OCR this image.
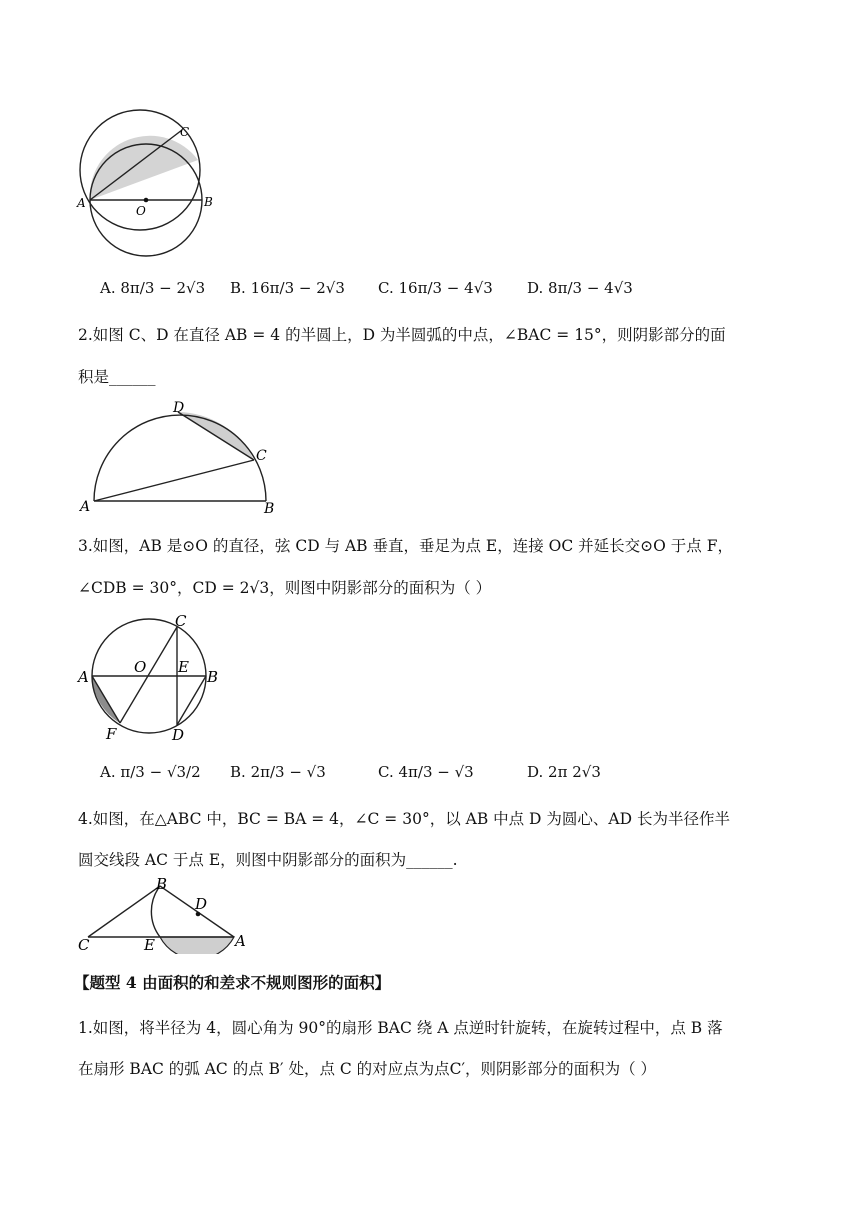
C
A
O
B
A. 8π/3 − 2√3 B. 16π/3 − 2√3 C. 16π/3 − 4√3 D. 8π/3 − 4√3
2.如图 C、D 在直径 AB = 4 的半圆上，D 为半圆弧的中点，∠BAC = 15°，则阴影部分的面
积是______
D
C
A	B
3.如图，AB 是⊙O 的直径，弦 CD 与 AB 垂直，垂足为点 E，连接 OC 并延长交⊙O 于点 F，
∠CDB = 30°，CD = 2√3，则图中阴影部分的面积为（ ）
C
O E
A	B
F	D
A. π/3 − √3/2 B. 2π/3 − √3	C. 4π/3 − √3	D. 2π 2√3
4.如图，在△ABC 中，BC = BA = 4，∠C = 30°，以 AB 中点 D 为圆心、AD 长为半径作半
圆交线段 AC 于点 E，则图中阴影部分的面积为______.
B
D
C	E	A
【题型 4 由面积的和差求不规则图形的面积】
1.如图，将半径为 4，圆心角为 90°的扇形 BAC 绕 A 点逆时针旋转，在旋转过程中，点 B 落
在扇形 BAC 的弧 AC 的点 B′ 处，点 C 的对应点为点C′，则阴影部分的面积为（ ）
